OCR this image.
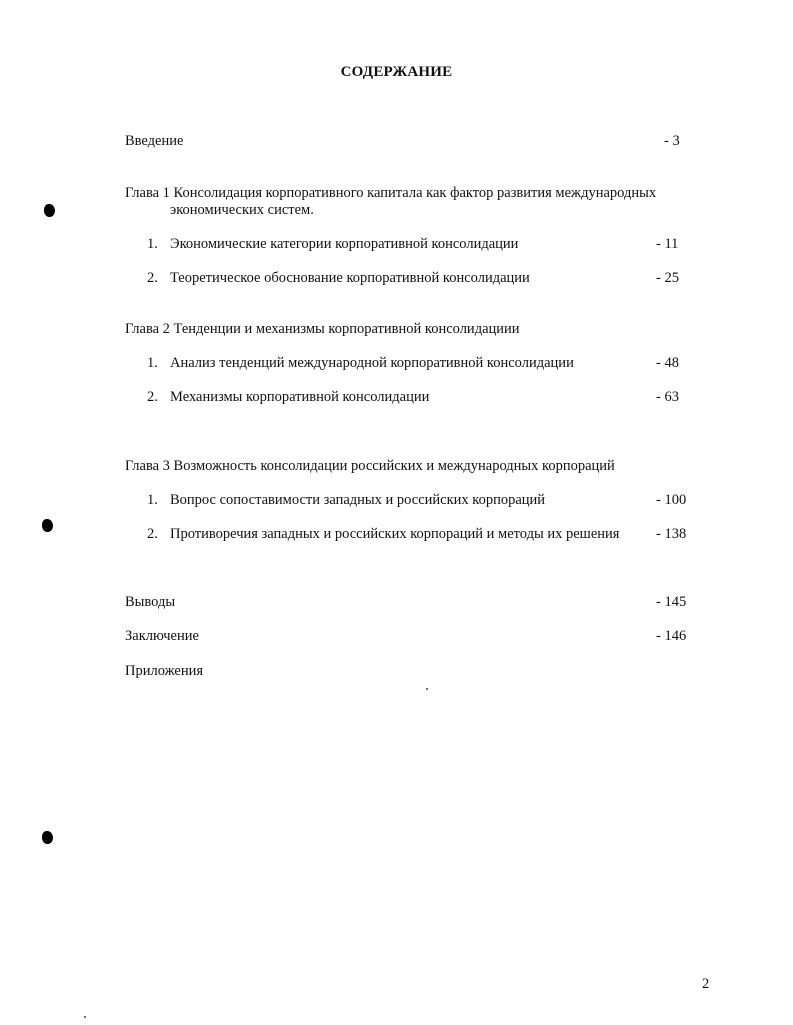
СОДЕРЖАНИЕ
Введение	- 3
Глава 1 Консолидация корпоративного капитала как фактор развития международных
экономических систем.
1. Экономические категории корпоративной консолидации	- 11
2. Теоретическое обоснование корпоративной консолидации	- 25
Глава 2 Тенденции и механизмы корпоративной консолидациии
1. Анализ тенденций международной корпоративной консолидации	- 48
2. Механизмы корпоративной консолидации	- 63
Глава 3 Возможность консолидации российских и международных корпораций
1. Вопрос сопоставимости западных и российских корпораций	- 100
2. Противоречия западных и российских корпораций и методы их решения	- 138
Выводы	- 145
Заключение	- 146
Приложения
2
